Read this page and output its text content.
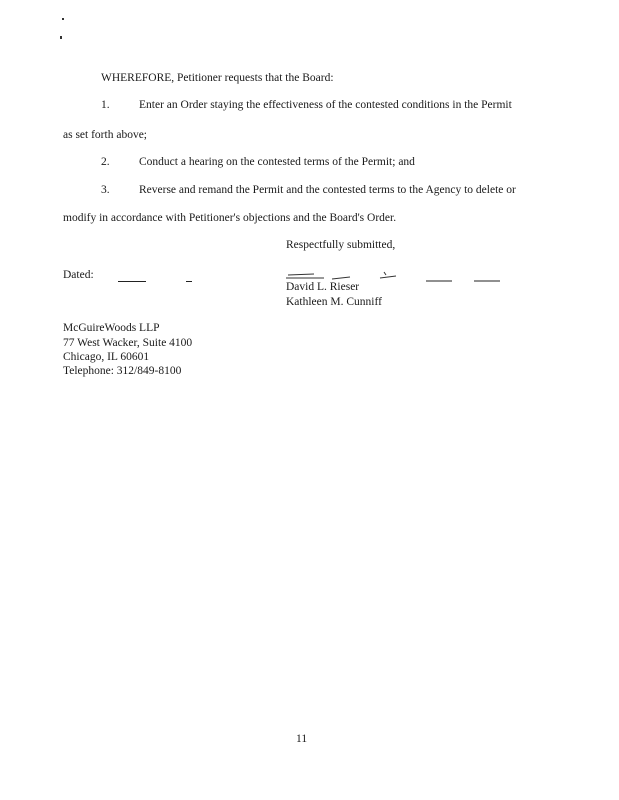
WHEREFORE, Petitioner requests that the Board:
1.	Enter an Order staying the effectiveness of the contested conditions in the Permit
as set forth above;
2.	Conduct a hearing on the contested terms of the Permit; and
3.	Reverse and remand the Permit and the contested terms to the Agency to delete or
modify in accordance with Petitioner's objections and the Board's Order.
Respectfully submitted,
Dated:
David L. Rieser
Kathleen M. Cunniff
McGuireWoods LLP
77 West Wacker, Suite 4100
Chicago, IL 60601
Telephone: 312/849-8100
11
